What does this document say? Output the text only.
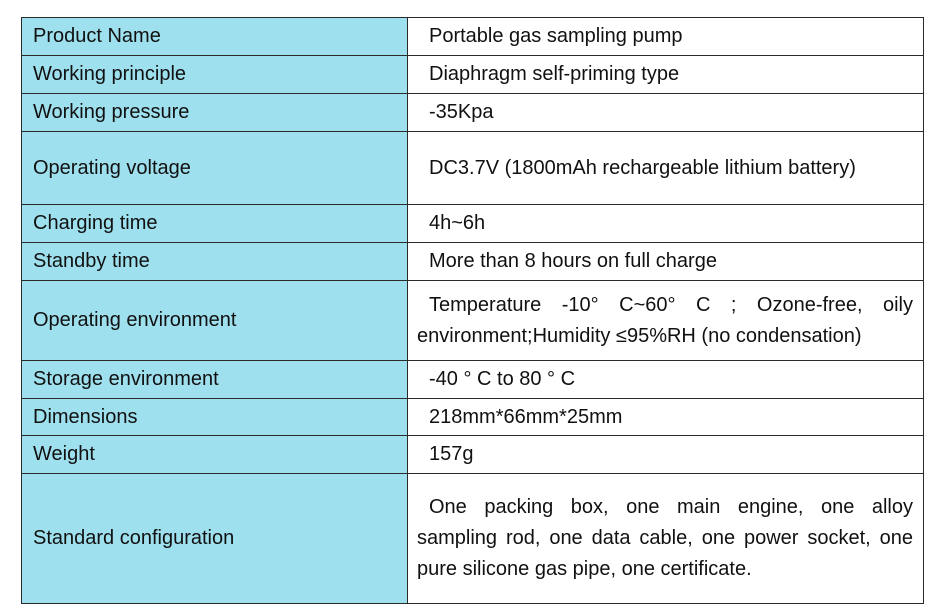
Product Name	Portable gas sampling pump

Working principle	Diaphragm self-priming type

Working pressure	-35Kpa

Operating voltage	DC3.7V (1800mAh rechargeable lithium battery)

Charging time	4h~6h

Standby time	More than 8 hours on full charge

Operating environment	Temperature -10° C~60° C ; Ozone-free, oily environment;Humidity ≤95%RH (no condensation)

Storage environment	-40 ° C to 80 ° C

Dimensions	218mm*66mm*25mm

Weight	157g

Standard configuration	One packing box, one main engine, one alloy sampling rod, one data cable, one power socket, one pure silicone gas pipe, one certificate.
